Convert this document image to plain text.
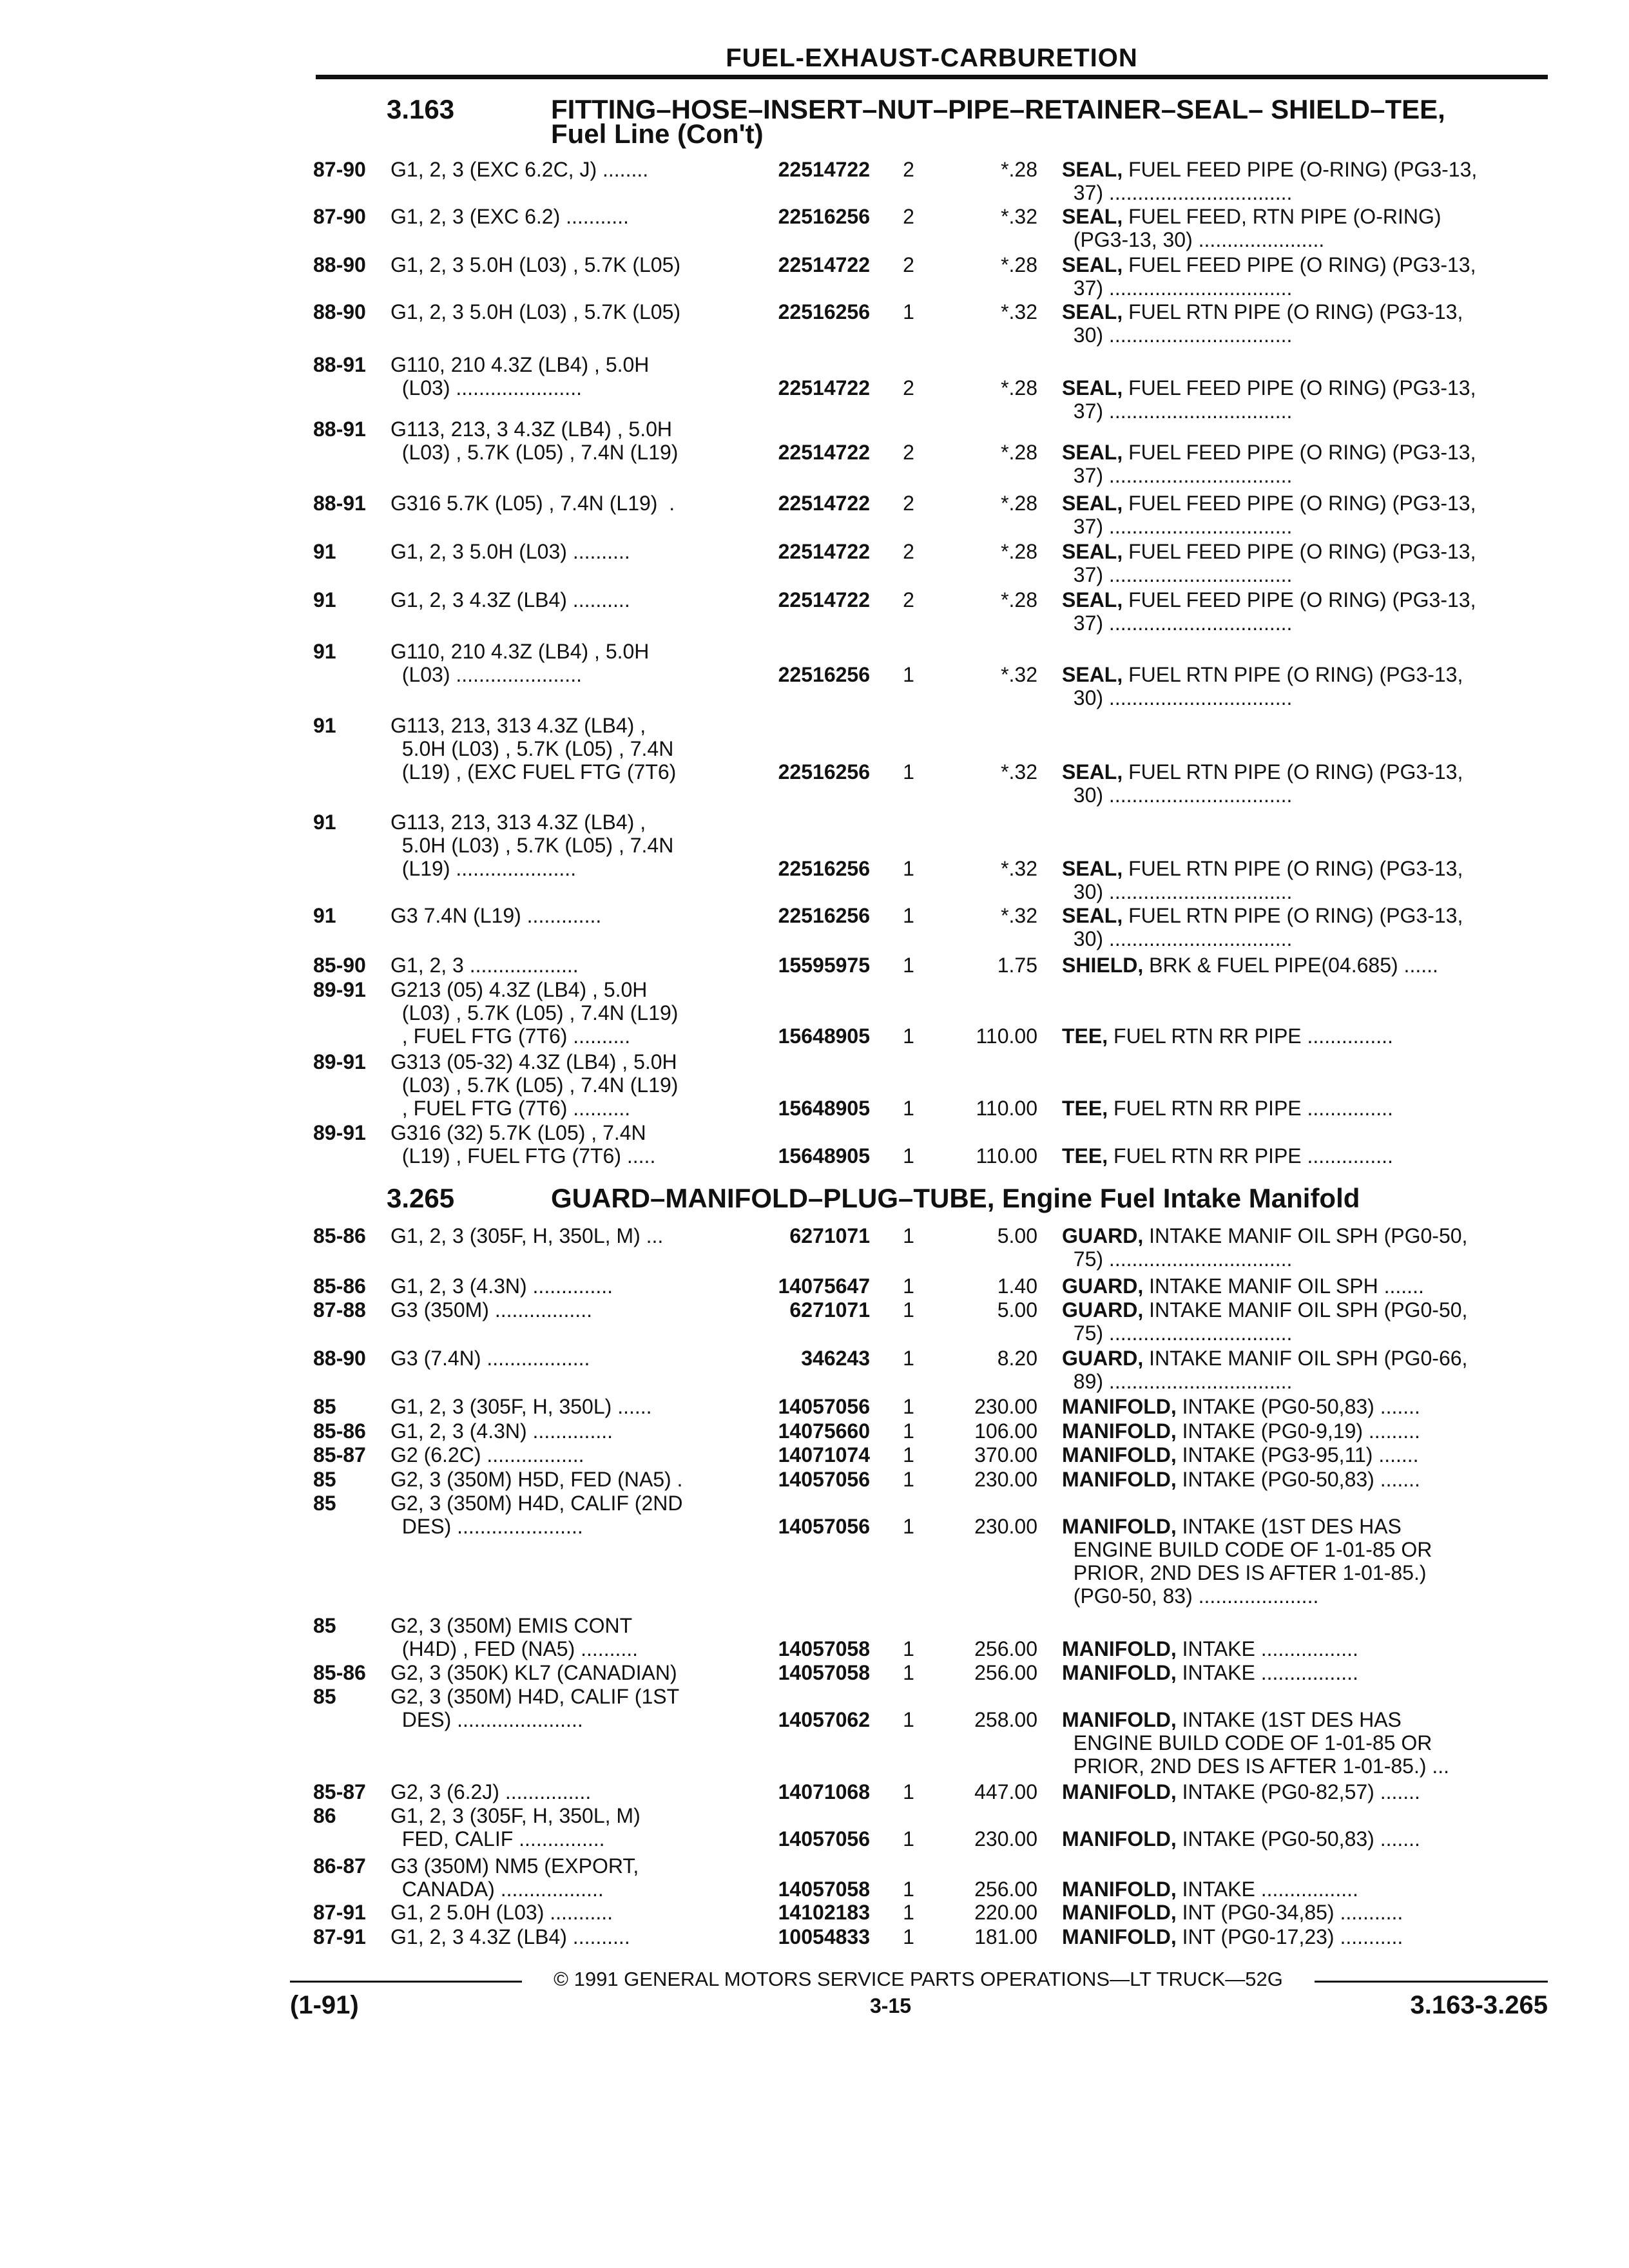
FUEL-EXHAUST-CARBURETION
3.163	FITTING–HOSE–INSERT–NUT–PIPE–RETAINER–SEAL– SHIELD–TEE,
Fuel Line (Con't)
3.265	GUARD–MANIFOLD–PLUG–TUBE, Engine Fuel Intake Manifold
87-90	G1, 2, 3 (EXC 6.2C, J) ........	22514722	2	*.28 SEAL, FUEL FEED PIPE (O-RING) (PG3-13,
37) ................................
87-90	G1, 2, 3 (EXC 6.2) ...........	22516256	2	*.32 SEAL, FUEL FEED, RTN PIPE (O-RING)
(PG3-13, 30) ......................
88-90	G1, 2, 3 5.0H (L03) , 5.7K (L05)	22514722	2	*.28 SEAL, FUEL FEED PIPE (O RING) (PG3-13,
37) ................................
88-90	G1, 2, 3 5.0H (L03) , 5.7K (L05)	22516256	1	*.32 SEAL, FUEL RTN PIPE (O RING) (PG3-13,
30) ................................
88-91	G110, 210 4.3Z (LB4) , 5.0H
(L03) ......................	22514722	2	*.28 SEAL, FUEL FEED PIPE (O RING) (PG3-13,
37) ................................
88-91	G113, 213, 3 4.3Z (LB4) , 5.0H
(L03) , 5.7K (L05) , 7.4N (L19)	22514722	2	*.28 SEAL, FUEL FEED PIPE (O RING) (PG3-13,
37) ................................
88-91	G316 5.7K (L05) , 7.4N (L19)  .	22514722	2	*.28 SEAL, FUEL FEED PIPE (O RING) (PG3-13,
37) ................................
91	G1, 2, 3 5.0H (L03) ..........	22514722	2	*.28 SEAL, FUEL FEED PIPE (O RING) (PG3-13,
37) ................................
91	G1, 2, 3 4.3Z (LB4) ..........	22514722	2	*.28 SEAL, FUEL FEED PIPE (O RING) (PG3-13,
37) ................................
91	G110, 210 4.3Z (LB4) , 5.0H
(L03) ......................	22516256	1	*.32 SEAL, FUEL RTN PIPE (O RING) (PG3-13,
30) ................................
91	G113, 213, 313 4.3Z (LB4) ,
5.0H (L03) , 5.7K (L05) , 7.4N
(L19) , (EXC FUEL FTG (7T6)	22516256	1	*.32 SEAL, FUEL RTN PIPE (O RING) (PG3-13,
30) ................................
91	G113, 213, 313 4.3Z (LB4) ,
5.0H (L03) , 5.7K (L05) , 7.4N
(L19) .....................	22516256	1	*.32 SEAL, FUEL RTN PIPE (O RING) (PG3-13,
30) ................................
91	G3 7.4N (L19) .............	22516256	1	*.32 SEAL, FUEL RTN PIPE (O RING) (PG3-13,
30) ................................
85-90	G1, 2, 3 ...................	15595975	1	1.75 SHIELD, BRK & FUEL PIPE(04.685) ......
89-91	G213 (05) 4.3Z (LB4) , 5.0H
(L03) , 5.7K (L05) , 7.4N (L19)
, FUEL FTG (7T6) ..........	15648905	1	110.00 TEE, FUEL RTN RR PIPE ...............
89-91	G313 (05-32) 4.3Z (LB4) , 5.0H
(L03) , 5.7K (L05) , 7.4N (L19)
, FUEL FTG (7T6) ..........	15648905	1	110.00 TEE, FUEL RTN RR PIPE ...............
89-91	G316 (32) 5.7K (L05) , 7.4N
(L19) , FUEL FTG (7T6) .....	15648905	1	110.00 TEE, FUEL RTN RR PIPE ...............
85-86	G1, 2, 3 (305F, H, 350L, M) ...	6271071	1	5.00 GUARD, INTAKE MANIF OIL SPH (PG0-50,
75) ................................
85-86	G1, 2, 3 (4.3N) ..............	14075647	1	1.40 GUARD, INTAKE MANIF OIL SPH .......
87-88	G3 (350M) .................	6271071	1	5.00 GUARD, INTAKE MANIF OIL SPH (PG0-50,
75) ................................
88-90	G3 (7.4N) ..................	346243	1	8.20 GUARD, INTAKE MANIF OIL SPH (PG0-66,
89) ................................
85	G1, 2, 3 (305F, H, 350L) ......	14057056	1	230.00 MANIFOLD, INTAKE (PG0-50,83) .......
85-86	G1, 2, 3 (4.3N) ..............	14075660	1	106.00 MANIFOLD, INTAKE (PG0-9,19) .........
85-87	G2 (6.2C) .................	14071074	1	370.00 MANIFOLD, INTAKE (PG3-95,11) .......
85	G2, 3 (350M) H5D, FED (NA5) .	14057056	1	230.00 MANIFOLD, INTAKE (PG0-50,83) .......
85	G2, 3 (350M) H4D, CALIF (2ND
DES) ......................	14057056	1	230.00 MANIFOLD, INTAKE (1ST DES HAS
ENGINE BUILD CODE OF 1-01-85 OR
PRIOR, 2ND DES IS AFTER 1-01-85.)
(PG0-50, 83) .....................
85	G2, 3 (350M) EMIS CONT
(H4D) , FED (NA5) ..........	14057058	1	256.00 MANIFOLD, INTAKE .................
85-86	G2, 3 (350K) KL7 (CANADIAN)	14057058	1	256.00 MANIFOLD, INTAKE .................
85	G2, 3 (350M) H4D, CALIF (1ST
DES) ......................	14057062	1	258.00 MANIFOLD, INTAKE (1ST DES HAS
ENGINE BUILD CODE OF 1-01-85 OR
PRIOR, 2ND DES IS AFTER 1-01-85.) ...
85-87	G2, 3 (6.2J) ...............	14071068	1	447.00 MANIFOLD, INTAKE (PG0-82,57) .......
86	G1, 2, 3 (305F, H, 350L, M)
FED, CALIF ...............	14057056	1	230.00 MANIFOLD, INTAKE (PG0-50,83) .......
86-87	G3 (350M) NM5 (EXPORT,
CANADA) ..................	14057058	1	256.00 MANIFOLD, INTAKE .................
87-91	G1, 2 5.0H (L03) ...........	14102183	1	220.00 MANIFOLD, INT (PG0-34,85) ...........
87-91	G1, 2, 3 4.3Z (LB4) ..........	10054833	1	181.00 MANIFOLD, INT (PG0-17,23) ...........
© 1991 GENERAL MOTORS SERVICE PARTS OPERATIONS—LT TRUCK—52G
(1-91)	3-15	3.163-3.265
